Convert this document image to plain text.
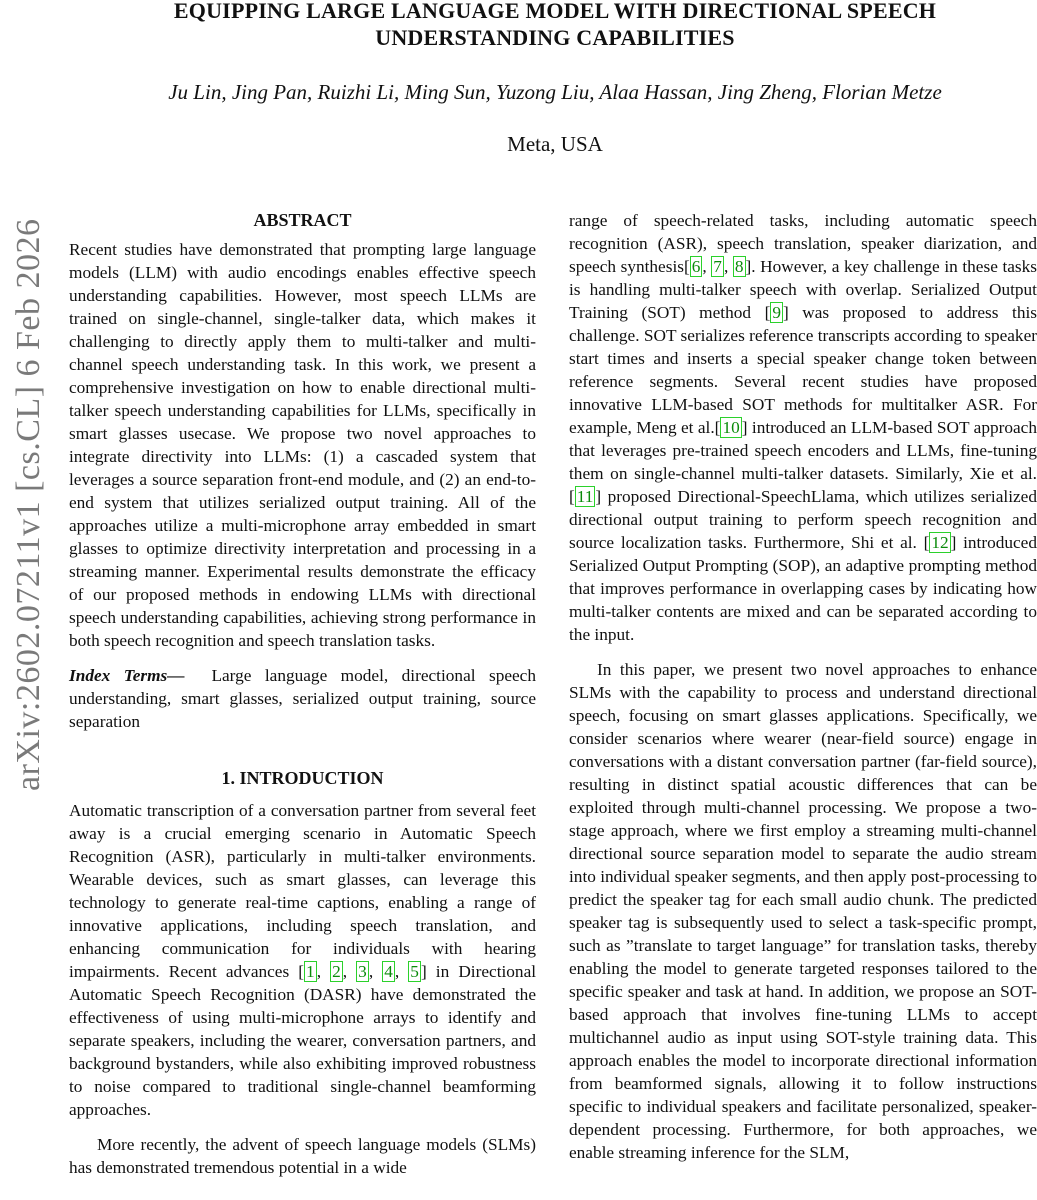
EQUIPPING LARGE LANGUAGE MODEL WITH DIRECTIONAL SPEECH
UNDERSTANDING CAPABILITIES
Ju Lin, Jing Pan, Ruizhi Li, Ming Sun, Yuzong Liu, Alaa Hassan, Jing Zheng, Florian Metze
Meta, USA
arXiv:2602.07211v1 [cs.CL] 6 Feb 2026	ABSTRACT

Recent studies have demonstrated that prompting large language models (LLM) with audio encodings enables effective speech understanding capabilities. However, most speech LLMs are trained on single-channel, single-talker data, which makes it challenging to directly apply them to multi-talker and multi-channel speech understanding task. In this work, we present a comprehensive investigation on how to enable directional multi-talker speech understanding capabilities for LLMs, specifically in smart glasses usecase. We propose two novel approaches to integrate directivity into LLMs: (1) a cascaded system that leverages a source separation front-end module, and (2) an end-to-end system that utilizes serialized output training. All of the approaches utilize a multi-microphone array embedded in smart glasses to optimize directivity interpretation and processing in a streaming manner. Experimental results demonstrate the efficacy of our proposed methods in endowing LLMs with directional speech understanding capabilities, achieving strong performance in both speech recognition and speech translation tasks.

Index Terms— Large language model, directional speech understanding, smart glasses, serialized output training, source separation

1. INTRODUCTION

Automatic transcription of a conversation partner from several feet away is a crucial emerging scenario in Automatic Speech Recognition (ASR), particularly in multi-talker environments. Wearable devices, such as smart glasses, can leverage this technology to generate real-time captions, enabling a range of innovative applications, including speech translation, and enhancing communication for individuals with hearing impairments. Recent advances [ 1 , 2 , 3 , 4 , 5 ] in Directional Automatic Speech Recognition (DASR) have demonstrated the effectiveness of using multi-microphone arrays to identify and separate speakers, including the wearer, conversation partners, and background bystanders, while also exhibiting improved robustness to noise compared to traditional single-channel beamforming approaches.

More recently, the advent of speech language models (SLMs) has demonstrated tremendous potential in a wide

range of speech-related tasks, including automatic speech recognition (ASR), speech translation, speaker diarization, and speech synthesis[ 6 , 7 , 8 ]. However, a key challenge in these tasks is handling multi-talker speech with overlap. Serialized Output Training (SOT) method [ 9 ] was proposed to address this challenge. SOT serializes reference transcripts according to speaker start times and inserts a special speaker change token between reference segments. Several recent studies have proposed innovative LLM-based SOT methods for multitalker ASR. For example, Meng et al.[ 10 ] introduced an LLM-based SOT approach that leverages pre-trained speech encoders and LLMs, fine-tuning them on single-channel multi-talker datasets. Similarly, Xie et al.[ 11 ] proposed Directional-SpeechLlama, which utilizes serialized directional output training to perform speech recognition and source localization tasks. Furthermore, Shi et al. [ 12 ] introduced Serialized Output Prompting (SOP), an adaptive prompting method that improves performance in overlapping cases by indicating how multi-talker contents are mixed and can be separated according to the input.

In this paper, we present two novel approaches to enhance SLMs with the capability to process and understand directional speech, focusing on smart glasses applications. Specifically, we consider scenarios where wearer (near-field source) engage in conversations with a distant conversation partner (far-field source), resulting in distinct spatial acoustic differences that can be exploited through multi-channel processing. We propose a two-stage approach, where we first employ a streaming multi-channel directional source separation model to separate the audio stream into individual speaker segments, and then apply post-processing to predict the speaker tag for each small audio chunk. The predicted speaker tag is subsequently used to select a task-specific prompt, such as ”translate to target language” for translation tasks, thereby enabling the model to generate targeted responses tailored to the specific speaker and task at hand. In addition, we propose an SOT-based approach that involves fine-tuning LLMs to accept multichannel audio as input using SOT-style training data. This approach enables the model to incorporate directional information from beamformed signals, allowing it to follow instructions specific to individual speakers and facilitate personalized, speaker-dependent processing. Furthermore, for both approaches, we enable streaming inference for the SLM,
